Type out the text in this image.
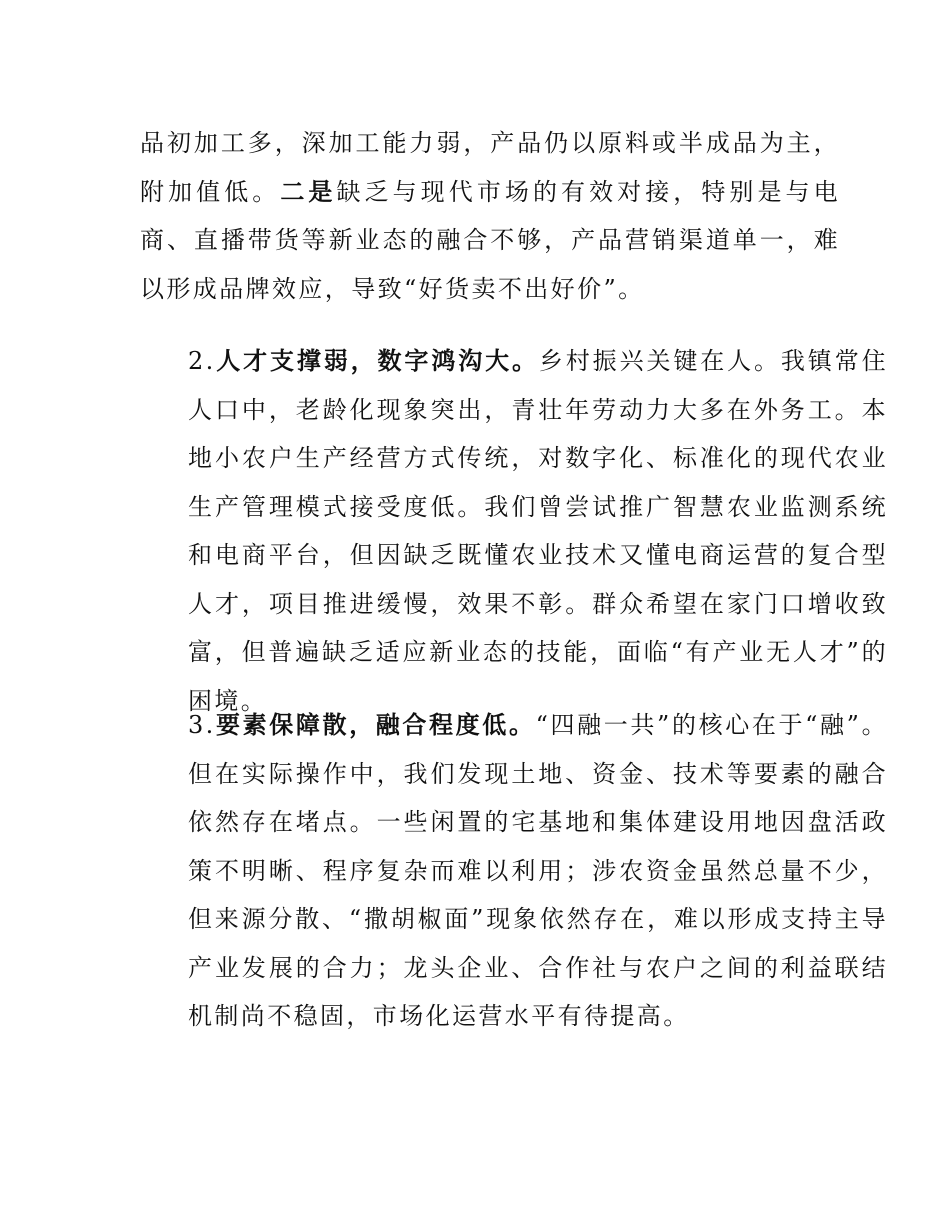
品初加工多，深加工能力弱，产品仍以原料或半成品为主，附加值低。二是缺乏与现代市场的有效对接，特别是与电商、直播带货等新业态的融合不够，产品营销渠道单一，难以形成品牌效应，导致“好货卖不出好价”。

2.人才支撑弱，数字鸿沟大。乡村振兴关键在人。我镇常住人口中，老龄化现象突出，青壮年劳动力大多在外务工。本地小农户生产经营方式传统，对数字化、标准化的现代农业生产管理模式接受度低。我们曾尝试推广智慧农业监测系统和电商平台，但因缺乏既懂农业技术又懂电商运营的复合型人才，项目推进缓慢，效果不彰。群众希望在家门口增收致富，但普遍缺乏适应新业态的技能，面临“有产业无人才”的困境。

3.要素保障散，融合程度低。“四融一共”的核心在于“融”。但在实际操作中，我们发现土地、资金、技术等要素的融合依然存在堵点。一些闲置的宅基地和集体建设用地因盘活政策不明晰、程序复杂而难以利用；涉农资金虽然总量不少，但来源分散、“撒胡椒面”现象依然存在，难以形成支持主导产业发展的合力；龙头企业、合作社与农户之间的利益联结机制尚不稳固，市场化运营水平有待提高。
